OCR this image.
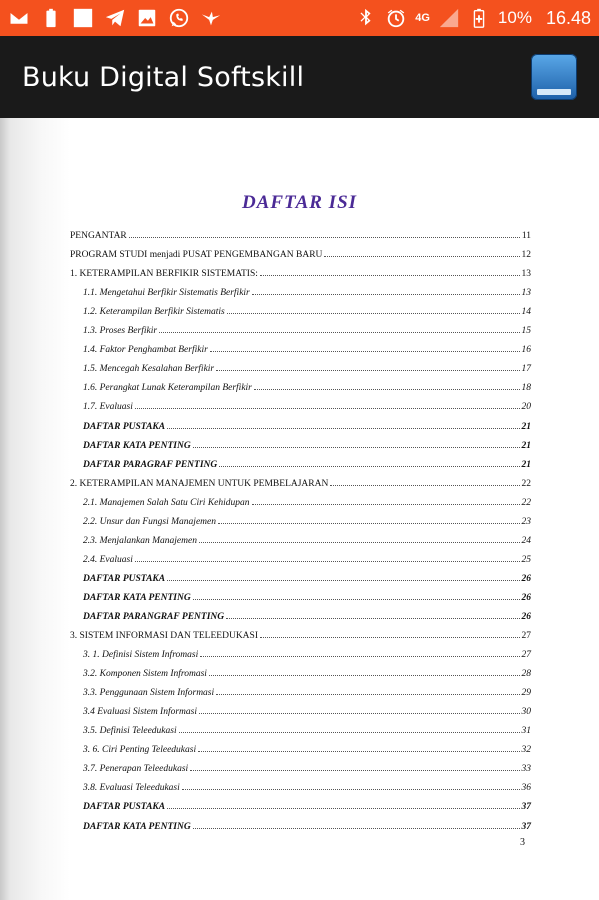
4G	10% 16.48
Buku Digital Softskill
DAFTAR ISI
PENGANTAR	11
PROGRAM STUDI menjadi PUSAT PENGEMBANGAN BARU	12
1. KETERAMPILAN BERFIKIR SISTEMATIS:	13
1.1. Mengetahui Berfikir Sistematis Berfikir	13
1.2. Keterampilan Berfikir Sistematis	14
1.3. Proses Berfikir	15
1.4. Faktor Penghambat Berfikir	16
1.5. Mencegah Kesalahan Berfikir	17
1.6. Perangkat Lunak Keterampilan Berfikir	18
1.7. Evaluasi	20
DAFTAR PUSTAKA	21
DAFTAR KATA PENTING	21
DAFTAR PARAGRAF PENTING	21
2. KETERAMPILAN MANAJEMEN UNTUK PEMBELAJARAN	22
2.1. Manajemen Salah Satu Ciri Kehidupan	22
2.2. Unsur dan Fungsi Manajemen	23
2.3. Menjalankan Manajemen	24
2.4. Evaluasi	25
DAFTAR PUSTAKA	26
DAFTAR KATA PENTING	26
DAFTAR PARANGRAF PENTING	26
3. SISTEM INFORMASI DAN TELEEDUKASI	27
3. 1. Definisi Sistem Infromasi	27
3.2. Komponen Sistem Infromasi	28
3.3. Penggunaan Sistem Informasi	29
3.4 Evaluasi Sistem Informasi	30
3.5. Definisi Teleedukasi	31
3. 6. Ciri Penting Teleedukasi	32
3.7. Penerapan Teleedukasi	33
3.8. Evaluasi Teleedukasi	36
DAFTAR PUSTAKA	37
DAFTAR KATA PENTING	37
3
